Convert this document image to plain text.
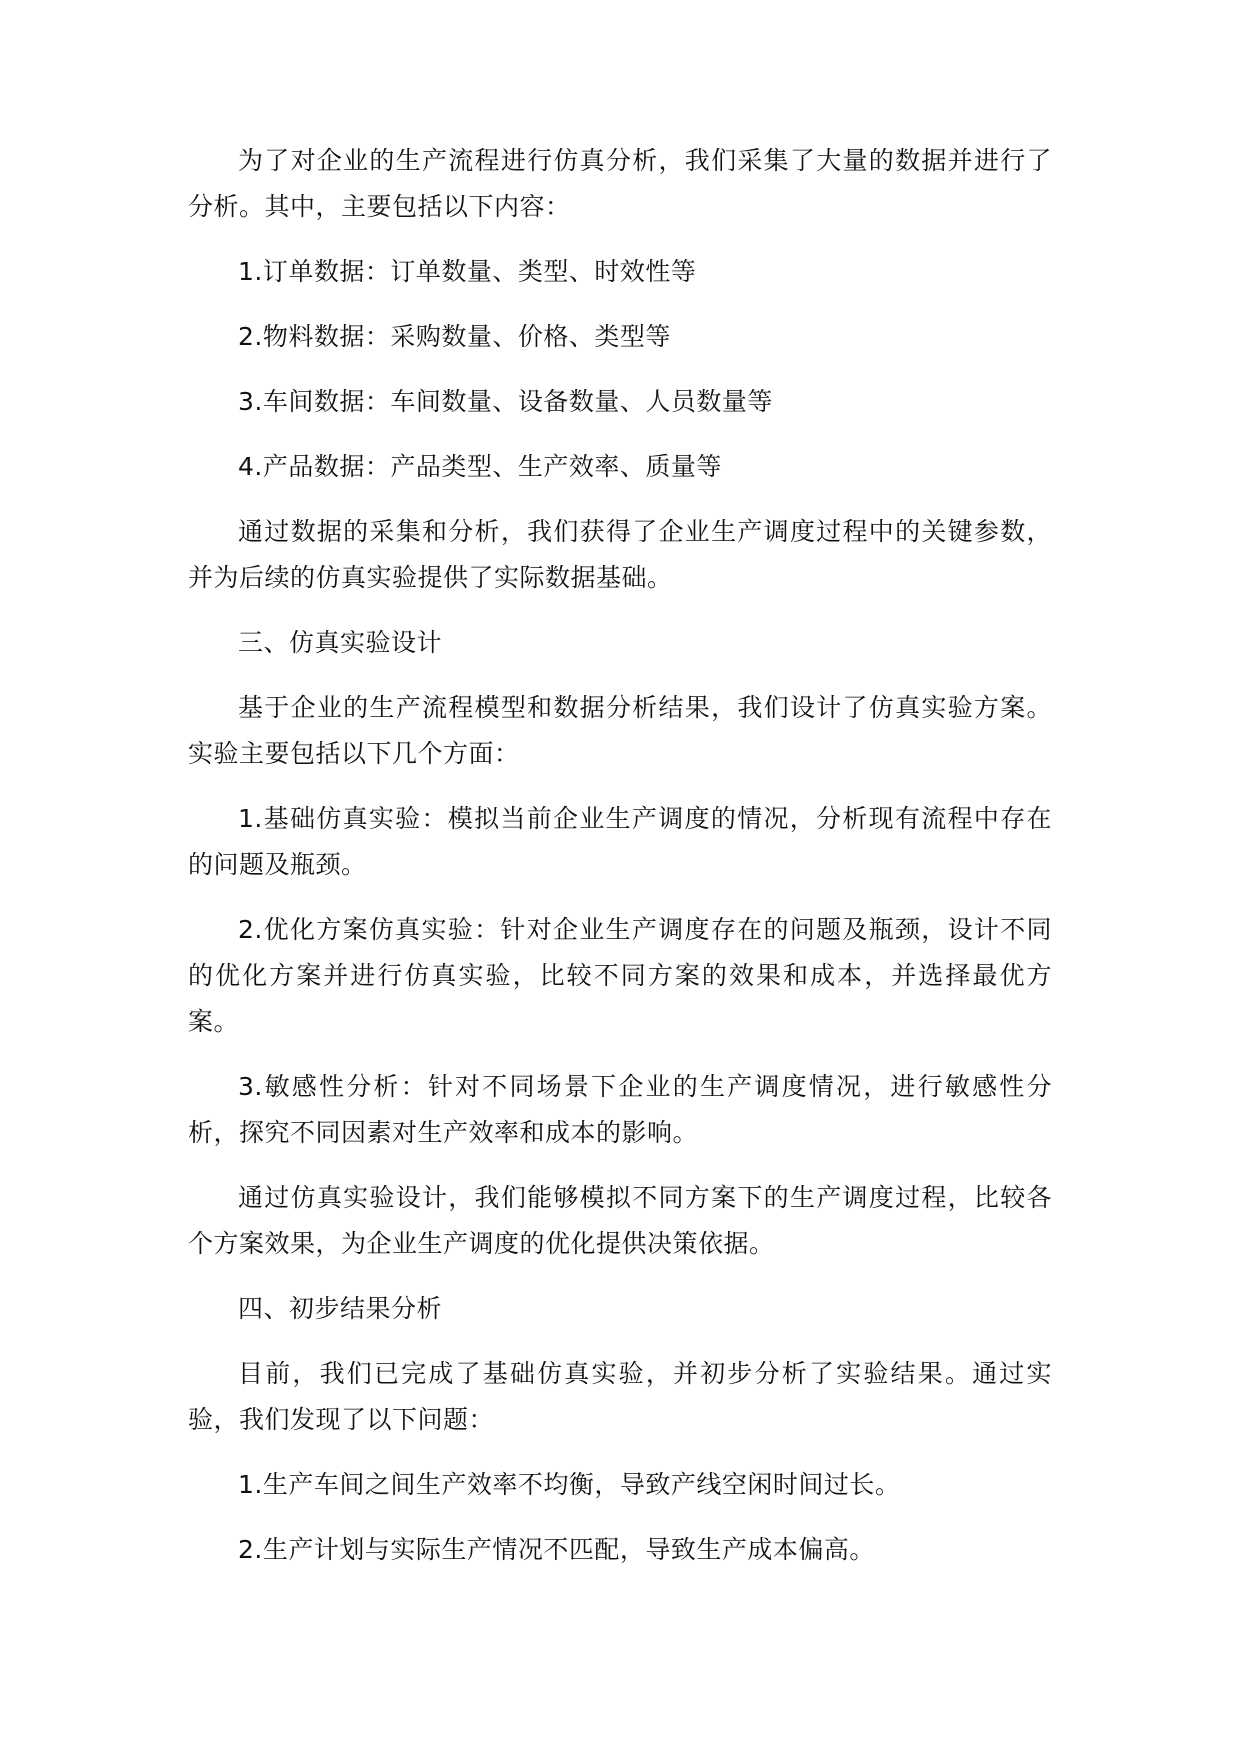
为了对企业的生产流程进行仿真分析，我们采集了大量的数据并进行了分析。其中，主要包括以下内容：

1.订单数据：订单数量、类型、时效性等

2.物料数据：采购数量、价格、类型等

3.车间数据：车间数量、设备数量、人员数量等

4.产品数据：产品类型、生产效率、质量等

通过数据的采集和分析，我们获得了企业生产调度过程中的关键参数，并为后续的仿真实验提供了实际数据基础。

三、仿真实验设计

基于企业的生产流程模型和数据分析结果，我们设计了仿真实验方案。实验主要包括以下几个方面：

1.基础仿真实验：模拟当前企业生产调度的情况，分析现有流程中存在的问题及瓶颈。

2.优化方案仿真实验：针对企业生产调度存在的问题及瓶颈，设计不同的优化方案并进行仿真实验，比较不同方案的效果和成本，并选择最优方案。

3.敏感性分析：针对不同场景下企业的生产调度情况，进行敏感性分析，探究不同因素对生产效率和成本的影响。

通过仿真实验设计，我们能够模拟不同方案下的生产调度过程，比较各个方案效果，为企业生产调度的优化提供决策依据。

四、初步结果分析

目前，我们已完成了基础仿真实验，并初步分析了实验结果。通过实验，我们发现了以下问题：

1.生产车间之间生产效率不均衡，导致产线空闲时间过长。

2.生产计划与实际生产情况不匹配，导致生产成本偏高。
